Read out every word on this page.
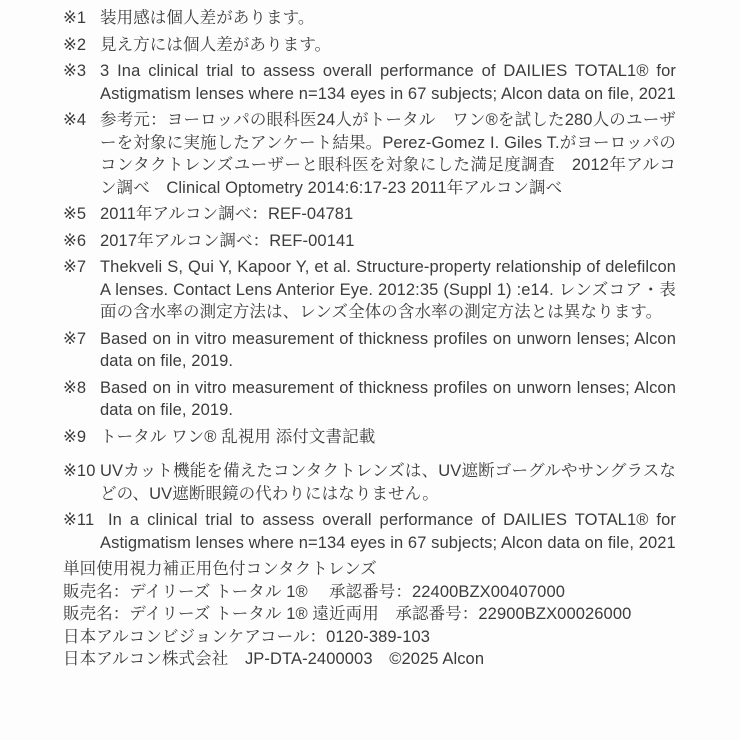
※1 装用感は個人差があります。
※2 見え方には個人差があります。
※3 3 Ina clinical trial to assess overall performance of DAILIES TOTAL1® for Astigmatism lenses where n=134 eyes in 67 subjects; Alcon data on file, 2021
※4 参考元：ヨーロッパの眼科医24人がトータル　ワン®を試した280人のユーザーを対象に実施したアンケート結果。Perez-Gomez I. Giles T.がヨーロッパのコンタクトレンズユーザーと眼科医を対象にした満足度調査　2012年アルコン調べ　Clinical Optometry 2014:6:17-23 2011年アルコン調べ
※5 2011年アルコン調べ：REF-04781
※6 2017年アルコン調べ：REF-00141
※7 Thekveli S, Qui Y, Kapoor Y, et al. Structure-property relationship of delefilcon A lenses. Contact Lens Anterior Eye. 2012:35 (Suppl 1) :e14. レンズコア・表面の含水率の測定方法は、レンズ全体の含水率の測定方法とは異なります。
※7 Based on in vitro measurement of thickness profiles on unworn lenses; Alcon data on file, 2019.
※8 Based on in vitro measurement of thickness profiles on unworn lenses; Alcon data on file, 2019.
※9 トータル ワン® 乱視用 添付文書記載
※10 UVカット機能を備えたコンタクトレンズは、UV遮断ゴーグルやサングラスなどの、UV遮断眼鏡の代わりにはなりません。
※11 In a clinical trial to assess overall performance of DAILIES TOTAL1® for Astigmatism lenses where n=134 eyes in 67 subjects; Alcon data on file, 2021
単回使用視力補正用色付コンタクトレンズ
販売名：デイリーズ トータル 1®　 承認番号：22400BZX00407000
販売名：デイリーズ トータル 1® 遠近両用　承認番号：22900BZX00026000
日本アルコンビジョンケアコール：0120-389-103
日本アルコン株式会社　JP-DTA-2400003　©2025 Alcon
